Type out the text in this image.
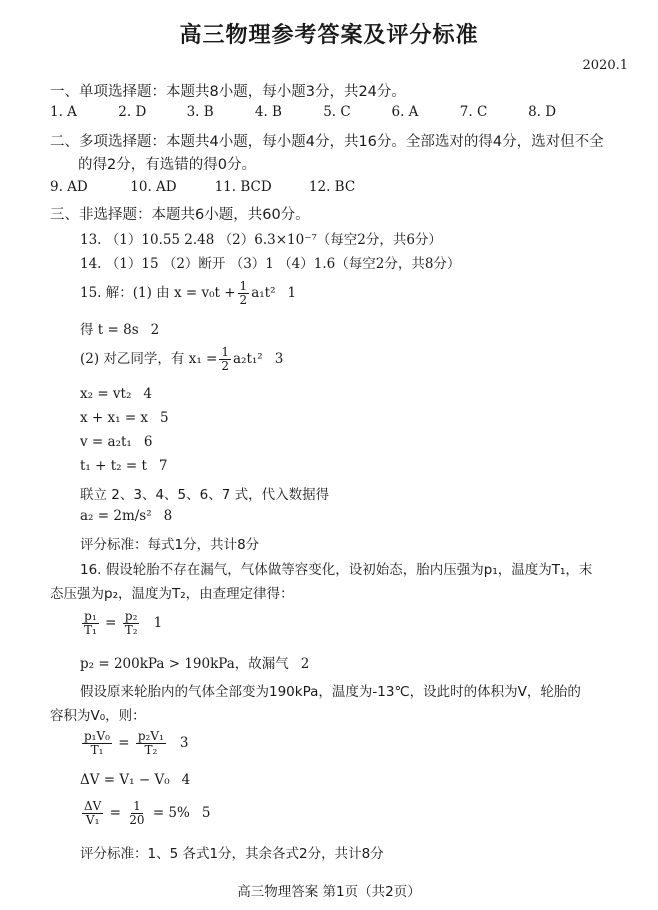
高三物理参考答案及评分标准
2020.1
一、单项选择题：本题共8小题，每小题3分，共24分。
1. A	2. D	3. B	4. B	5. C	6. A	7. C	8. D
二、多项选择题：本题共4小题，每小题4分，共16分。全部选对的得4分，选对但不全
的得2分，有选错的得0分。
9. AD	10. AD	11. BCD	12. BC
三、非选择题：本题共6小题，共60分。
13. （1）10.55 2.48 （2）6.3×10⁻⁷（每空2分，共6分）
14. （1）15 （2）断开 （3）1 （4）1.6（每空2分，共8分）
15. 解：(1) 由 $x = v_0t + \frac{1}{2} a_1t^2$ 1
得 t = 8s 2
(2) 对乙同学，有 $x_1 = \frac{1}{2} a_2t_1^2$ 3
x₂ = vt₂ 4
x + x₁ = x 5
v = a₂t₁ 6
t₁ + t₂ = t 7
联立 2、3、4、5、6、7 式，代入数据得
a₂ = 2m/s² 8
评分标准：每式1分，共计8分
16. 假设轮胎不存在漏气，气体做等容变化，设初始态，胎内压强为p₁，温度为T₁，末
态压强为p₂，温度为T₂，由查理定律得：
$\frac{\text{p₁}}{\text{T₁}} = \frac{\text{p₂}}{\text{T₂}} 1$
p₂ = 200kPa > 190kPa，故漏气 2
假设原来轮胎内的气体全部变为190kPa，温度为-13℃，设此时的体积为V，轮胎的
容积为V₀，则：
$\frac{\text{p₁V₀}}{\text{T₁}} = \frac{\text{p₂V₁}}{\text{T₂}} 3$
ΔV = V₁ − V₀ 4
$\frac{\Delta V}{\text{V₁}} = \frac{1}{20} = 5\%$ 5
评分标准：1、5 各式1分，其余各式2分，共计8分
高三物理答案 第1页（共2页）
